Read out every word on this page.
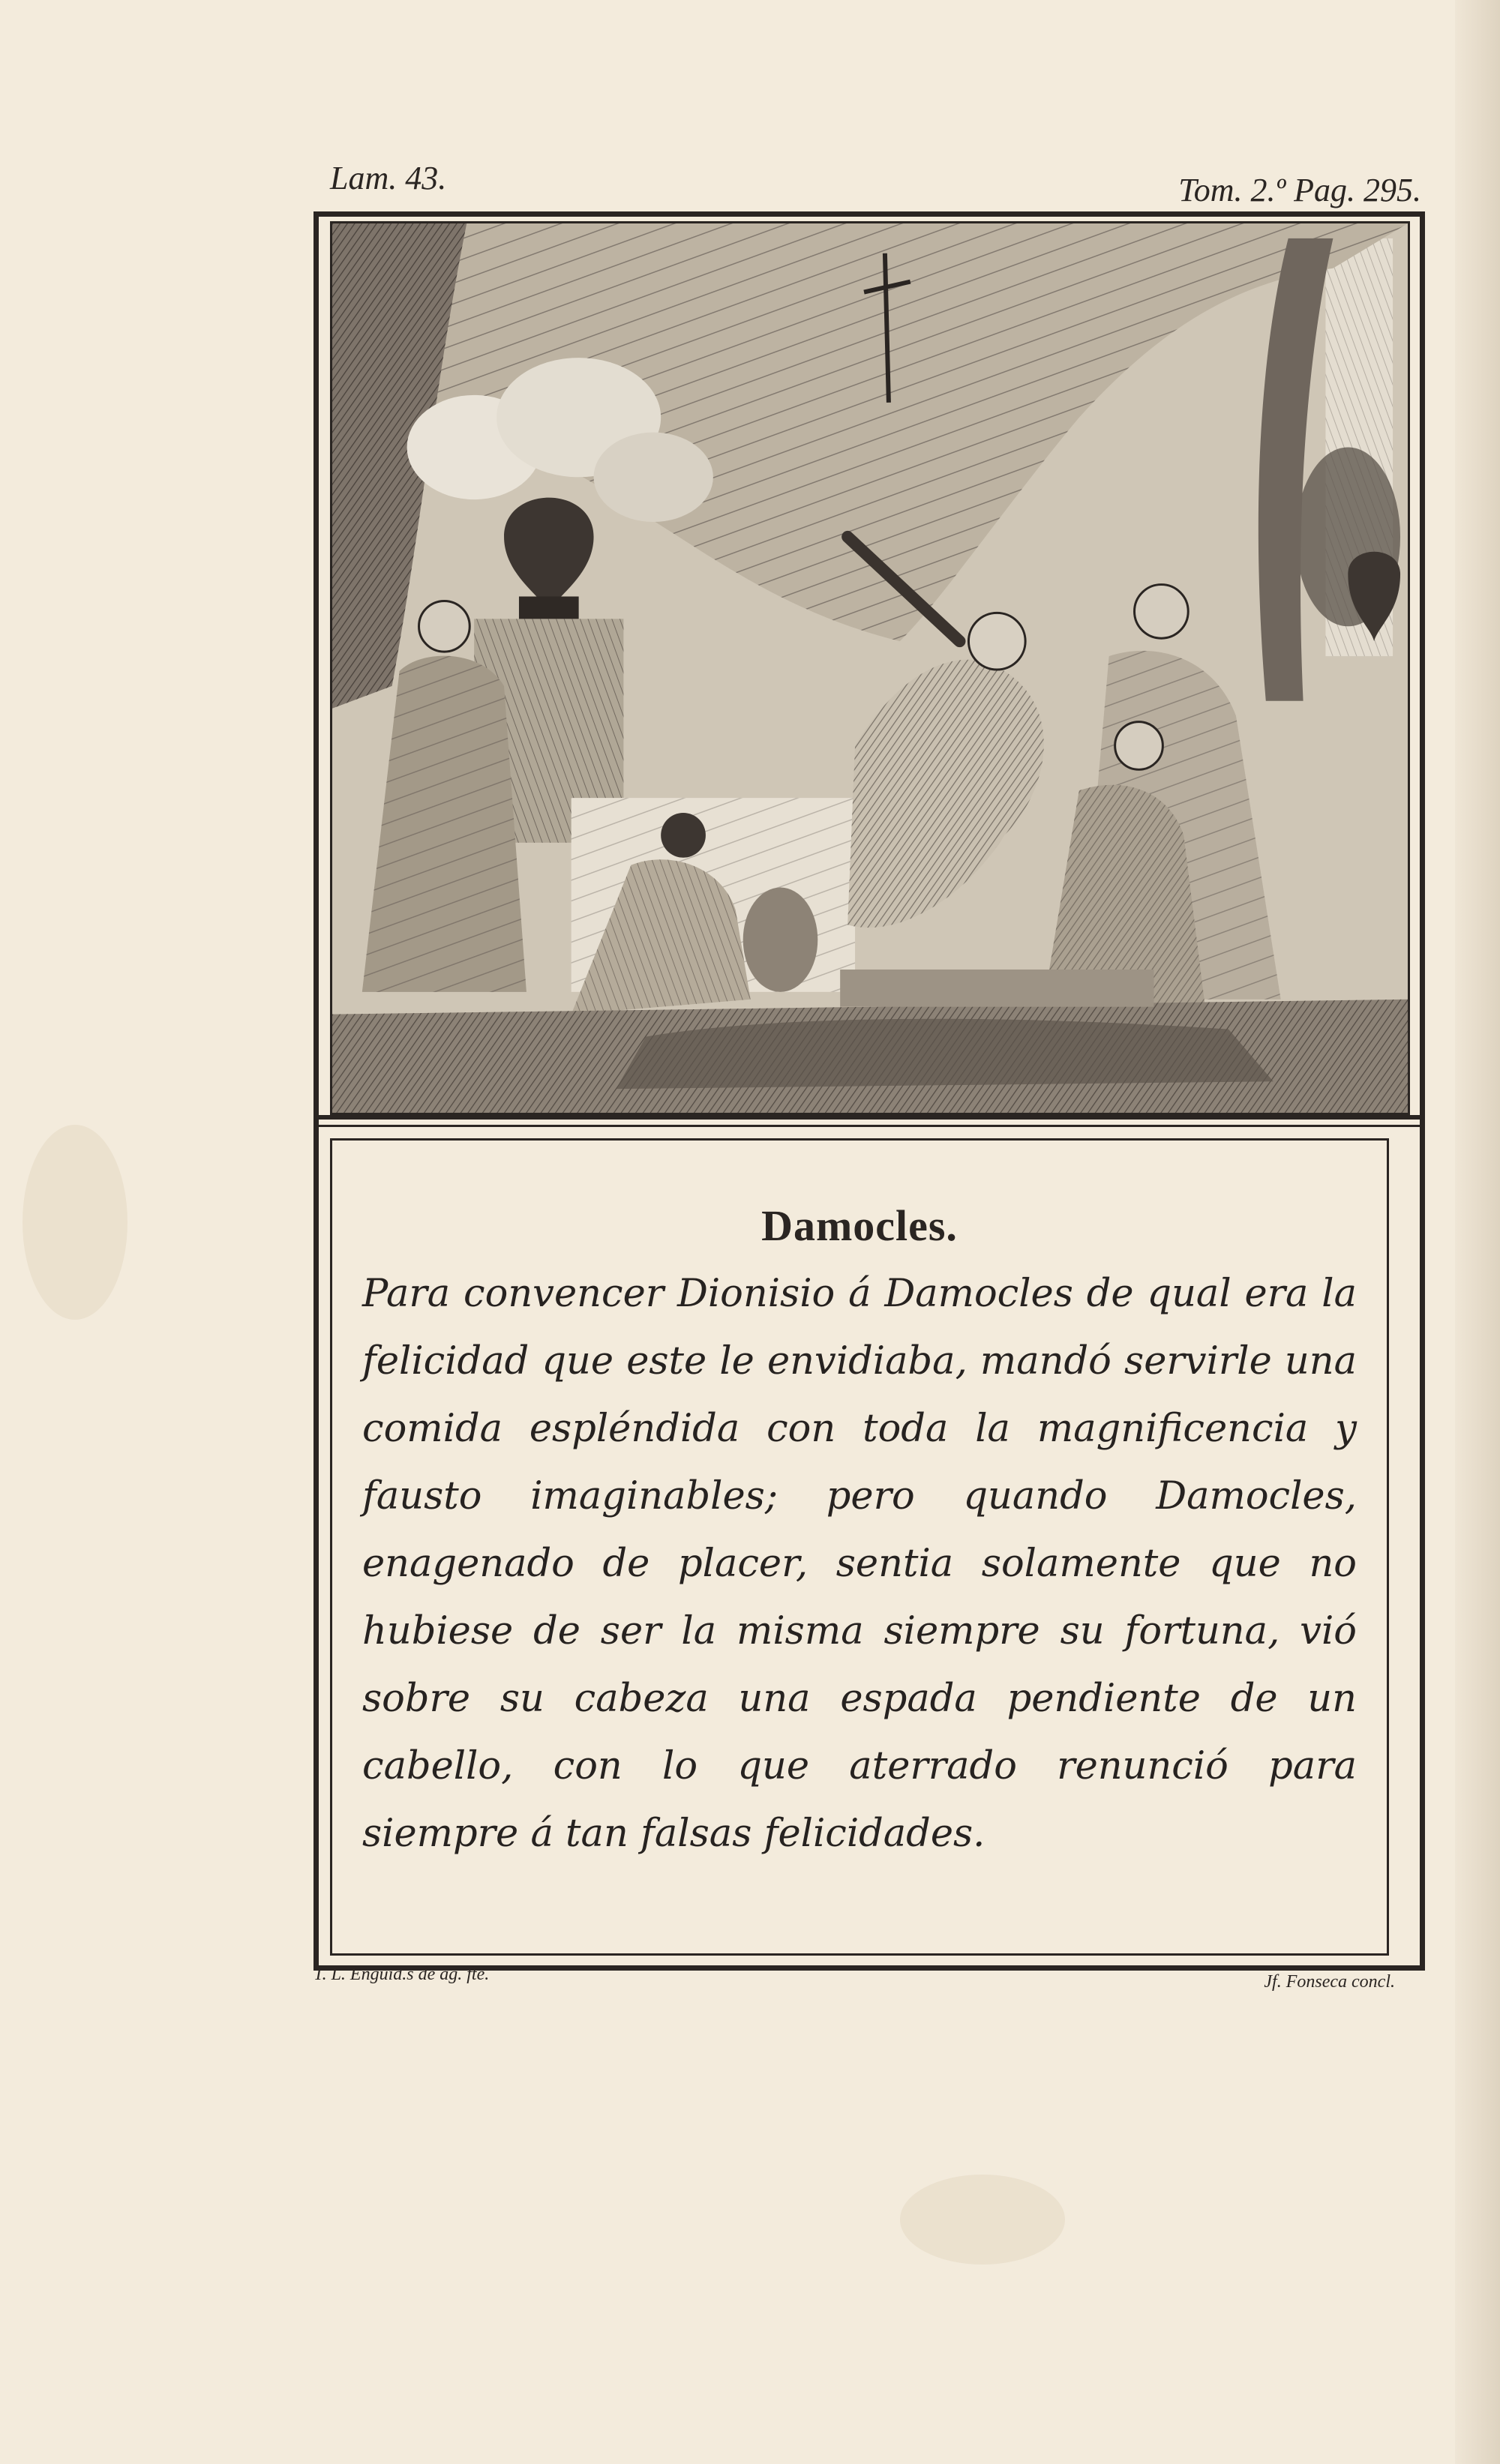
Lam. 43.	Tom. 2.º Pag. 295.
Damocles.
Para convencer Dionisio á Damocles de qual era la felicidad que este le envidiaba, mandó servirle una comida espléndida con toda la magnificencia y fausto imaginables; pero quando Damocles, enagenado de placer, sentia solamente que no hubiese de ser la misma siempre su fortuna, vió sobre su cabeza una espada pendiente de un cabello, con lo que aterrado renunció para siempre á tan falsas felicidades.
T. L. Enguid.s de ag. fte.	Jf. Fonseca concl.
